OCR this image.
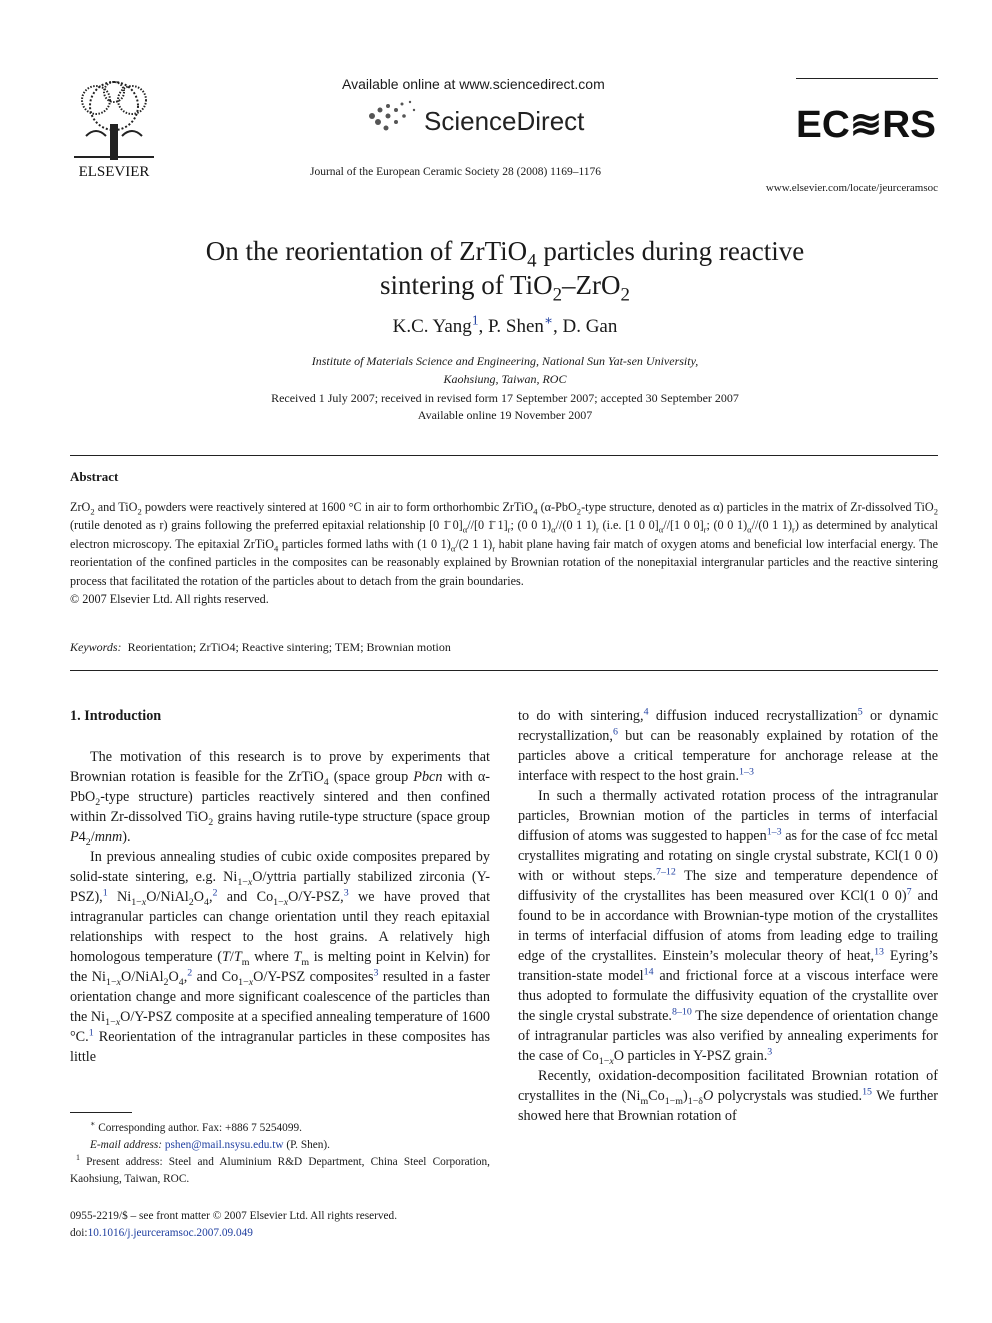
ELSEVIER
Available online at www.sciencedirect.com
ScienceDirect
Journal of the European Ceramic Society 28 (2008) 1169–1176
EC≋RS
www.elsevier.com/locate/jeurceramsoc
On the reorientation of ZrTiO$_4$ particles during reactive
sintering of TiO$_2$–ZrO$_2$
K.C. Yang$^1$, P. Shen∗, D. Gan
Institute of Materials Science and Engineering, National Sun Yat-sen University,
Kaohsiung, Taiwan, ROC
Received 1 July 2007; received in revised form 17 September 2007; accepted 30 September 2007
Available online 19 November 2007
Abstract
ZrO$_2$ and TiO$_2$ powders were reactively sintered at 1600 °C in air to form orthorhombic ZrTiO$_4$ (α-PbO$_2$-type structure, denoted as α) particles in the matrix of Zr-dissolved TiO$_2$ (rutile denoted as r) grains following the preferred epitaxial relationship [0 1̄ $0]_\alpha//[0$ 1̄ $1]_r$; (0 0 $1)_\alpha//(0$ 1 $1)_r$ (i.e. [1 0 $0]_\alpha//[1$ 0 $0]_r$; (0 0 $1)_\alpha//(0$ 1 $1)_r$) as determined by analytical electron microscopy. The epitaxial ZrTiO$_4$ particles formed laths with (1 0 $1)_\alpha/(2$ 1 $1)_r$ habit plane having fair match of oxygen atoms and beneficial low interfacial energy. The reorientation of the confined particles in the composites can be reasonably explained by Brownian rotation of the nonepitaxial intergranular particles and the reactive sintering process that facilitated the rotation of the particles about to detach from the grain boundaries.
© 2007 Elsevier Ltd. All rights reserved.
Keywords: Reorientation; ZrTiO4; Reactive sintering; TEM; Brownian motion
1. Introduction

The motivation of this research is to prove by experiments that Brownian rotation is feasible for the ZrTiO$_4$ (space group Pbcn with α-PbO$_2$-type structure) particles reactively sintered and then confined within Zr-dissolved TiO$_2$ grains having rutile-type structure (space group $P4_2/mnm$).

In previous annealing studies of cubic oxide composites prepared by solid-state sintering, e.g. $Ni_{1-x}O$/yttria partially stabilized zirconia (Y-PSZ),$^1$ $Ni_{1-x}O/NiAl_2O_4,^2$ and $Co_{1-x}O/Y-PSZ,^3$ we have proved that intragranular particles can change orientation until they reach epitaxial relationships with respect to the host grains. A relatively high homologous temperature ($T/T_m$ where $T_m$ is melting point in Kelvin) for the $Ni_{1-x}O/NiAl_2O_4,^2$ and $Co_{1-x}O/Y$-PSZ composites$^3$ resulted in a faster orientation change and more significant coalescence of the particles than the $Ni_{1-x}O/Y$-PSZ composite at a specified annealing temperature of 1600 °C.$^1$ Reorientation of the intragranular particles in these composites has little

to do with sintering,$^4$ diffusion induced recrystallization$^5$ or dynamic recrystallization,$^6$ but can be reasonably explained by rotation of the particles above a critical temperature for anchorage release at the interface with respect to the host grain.$^{1-3}$

In such a thermally activated rotation process of the intragranular particles, Brownian motion of the particles in terms of interfacial diffusion of atoms was suggested to happen$^{1-3}$ as for the case of fcc metal crystallites migrating and rotating on single crystal substrate, KCl(1 0 0) with or without steps.$^{7-12}$ The size and temperature dependence of diffusivity of the crystallites has been measured over KCl(1 0 0)$^7$ and found to be in accordance with Brownian-type motion of the crystallites in terms of interfacial diffusion of atoms from leading edge to trailing edge of the crystallites. Einstein’s molecular theory of heat,$^{13}$ Eyring’s transition-state model$^{14}$ and frictional force at a viscous interface were thus adopted to formulate the diffusivity equation of the crystallite over the single crystal substrate.$^{8-10}$ The size dependence of orientation change of intragranular particles was also verified by annealing experiments for the case of $Co_{1-x}O$ particles in Y-PSZ grain.$^3$

Recently, oxidation-decomposition facilitated Brownian rotation of crystallites in the $(Ni_mCo_{1-m})_{1-\delta}O$ polycrystals was studied.$^{15}$ We further showed here that Brownian rotation of

∗ Corresponding author. Fax: +886 7 5254099.

E-mail address: pshen@mail.nsysu.edu.tw (P. Shen).

$^1$ Present address: Steel and Aluminium R&D Department, China Steel Corporation, Kaohsiung, Taiwan, ROC.

0955-2219/$ – see front matter © 2007 Elsevier Ltd. All rights reserved.
doi:10.1016/j.jeurceramsoc.2007.09.049
